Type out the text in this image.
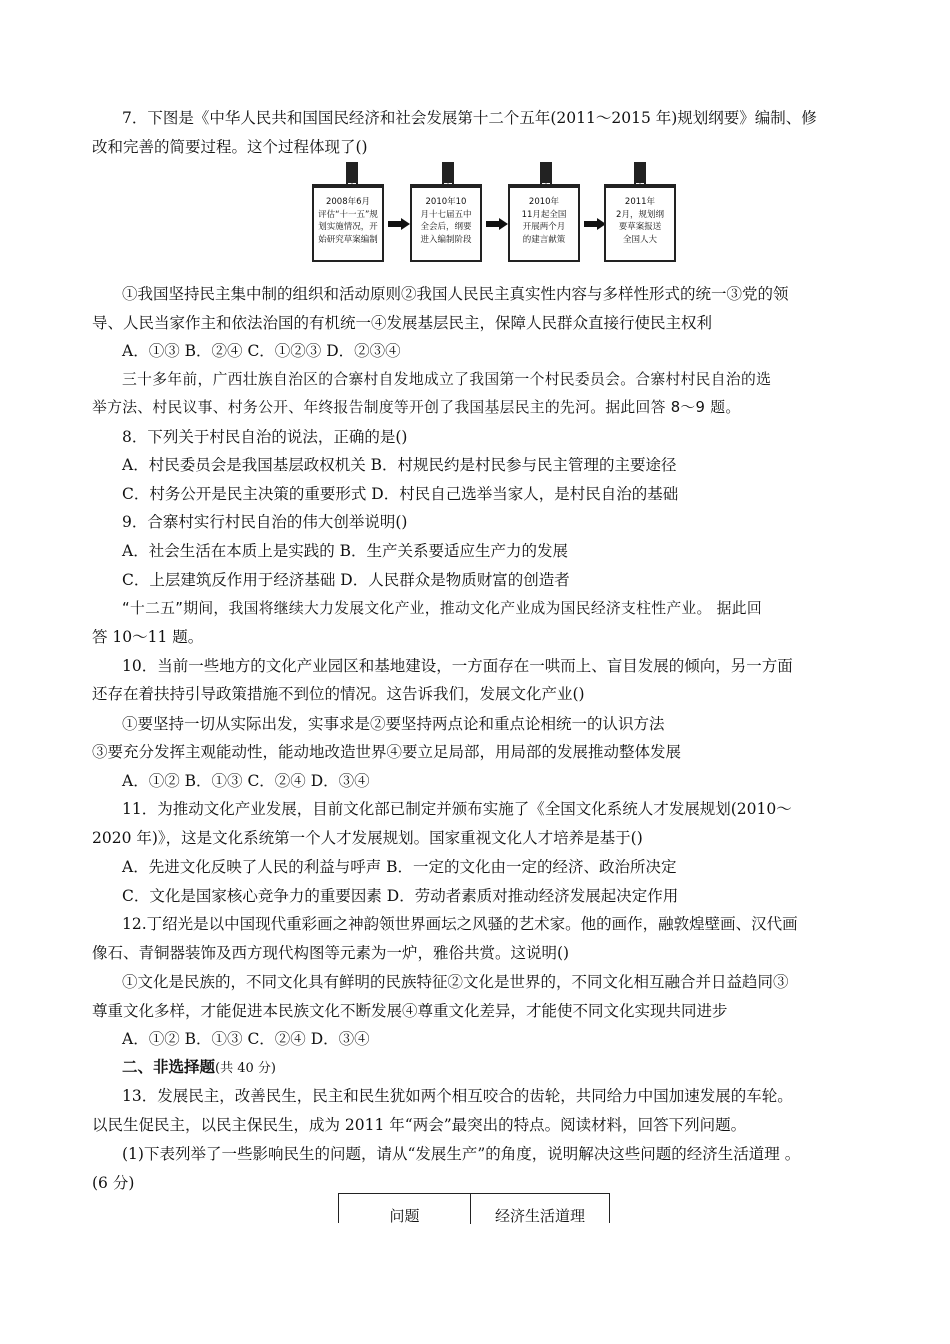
7．下图是《中华人民共和国国民经济和社会发展第十二个五年(2011～2015 年)规划纲要》编制、修
改和完善的简要过程。这个过程体现了()
2008年6月
评估“十一五”规
划实施情况，开
始研究草案编制
2010年10
月十七届五中
全会后，纲要
进入编制阶段
2010年
11月起全国
开展两个月
的建言献策
2011年
2月，规划纲
要草案报送
全国人大
①我国坚持民主集中制的组织和活动原则②我国人民民主真实性内容与多样性形式的统一③党的领
导、人民当家作主和依法治国的有机统一④发展基层民主，保障人民群众直接行使民主权利
A．①③ B．②④ C．①②③ D．②③④
三十多年前，广西壮族自治区的合寨村自发地成立了我国第一个村民委员会。合寨村村民自治的选
举方法、村民议事、村务公开、年终报告制度等开创了我国基层民主的先河。据此回答 8～9 题。
8．下列关于村民自治的说法，正确的是()
A．村民委员会是我国基层政权机关 B．村规民约是村民参与民主管理的主要途径
C．村务公开是民主决策的重要形式 D．村民自己选举当家人，是村民自治的基础
9．合寨村实行村民自治的伟大创举说明()
A．社会生活在本质上是实践的 B．生产关系要适应生产力的发展
C．上层建筑反作用于经济基础 D．人民群众是物质财富的创造者
“十二五”期间，我国将继续大力发展文化产业，推动文化产业成为国民经济支柱性产业。 据此回
答 10～11 题。
10．当前一些地方的文化产业园区和基地建设，一方面存在一哄而上、盲目发展的倾向，另一方面
还存在着扶持引导政策措施不到位的情况。这告诉我们，发展文化产业()
①要坚持一切从实际出发，实事求是②要坚持两点论和重点论相统一的认识方法
③要充分发挥主观能动性，能动地改造世界④要立足局部，用局部的发展推动整体发展
A．①② B．①③ C．②④ D．③④
11．为推动文化产业发展，目前文化部已制定并颁布实施了《全国文化系统人才发展规划(2010～
2020 年)》，这是文化系统第一个人才发展规划。国家重视文化人才培养是基于()
A．先进文化反映了人民的利益与呼声 B．一定的文化由一定的经济、政治所决定
C．文化是国家核心竞争力的重要因素 D．劳动者素质对推动经济发展起决定作用
12.丁绍光是以中国现代重彩画之神韵领世界画坛之风骚的艺术家。他的画作，融敦煌壁画、汉代画
像石、青铜器装饰及西方现代构图等元素为一炉，雅俗共赏。这说明()
①文化是民族的，不同文化具有鲜明的民族特征②文化是世界的，不同文化相互融合并日益趋同③
尊重文化多样，才能促进本民族文化不断发展④尊重文化差异，才能使不同文化实现共同进步
A．①② B．①③ C．②④ D．③④
二、非选择题(共 40 分)
13．发展民主，改善民生，民主和民生犹如两个相互咬合的齿轮，共同给力中国加速发展的车轮。
以民生促民主，以民主保民生，成为 2011 年“两会”最突出的特点。阅读材料，回答下列问题。
(1)下表列举了一些影响民生的问题，请从“发展生产”的角度，说明解决这些问题的经济生活道理 。
(6 分)
问题	经济生活道理
